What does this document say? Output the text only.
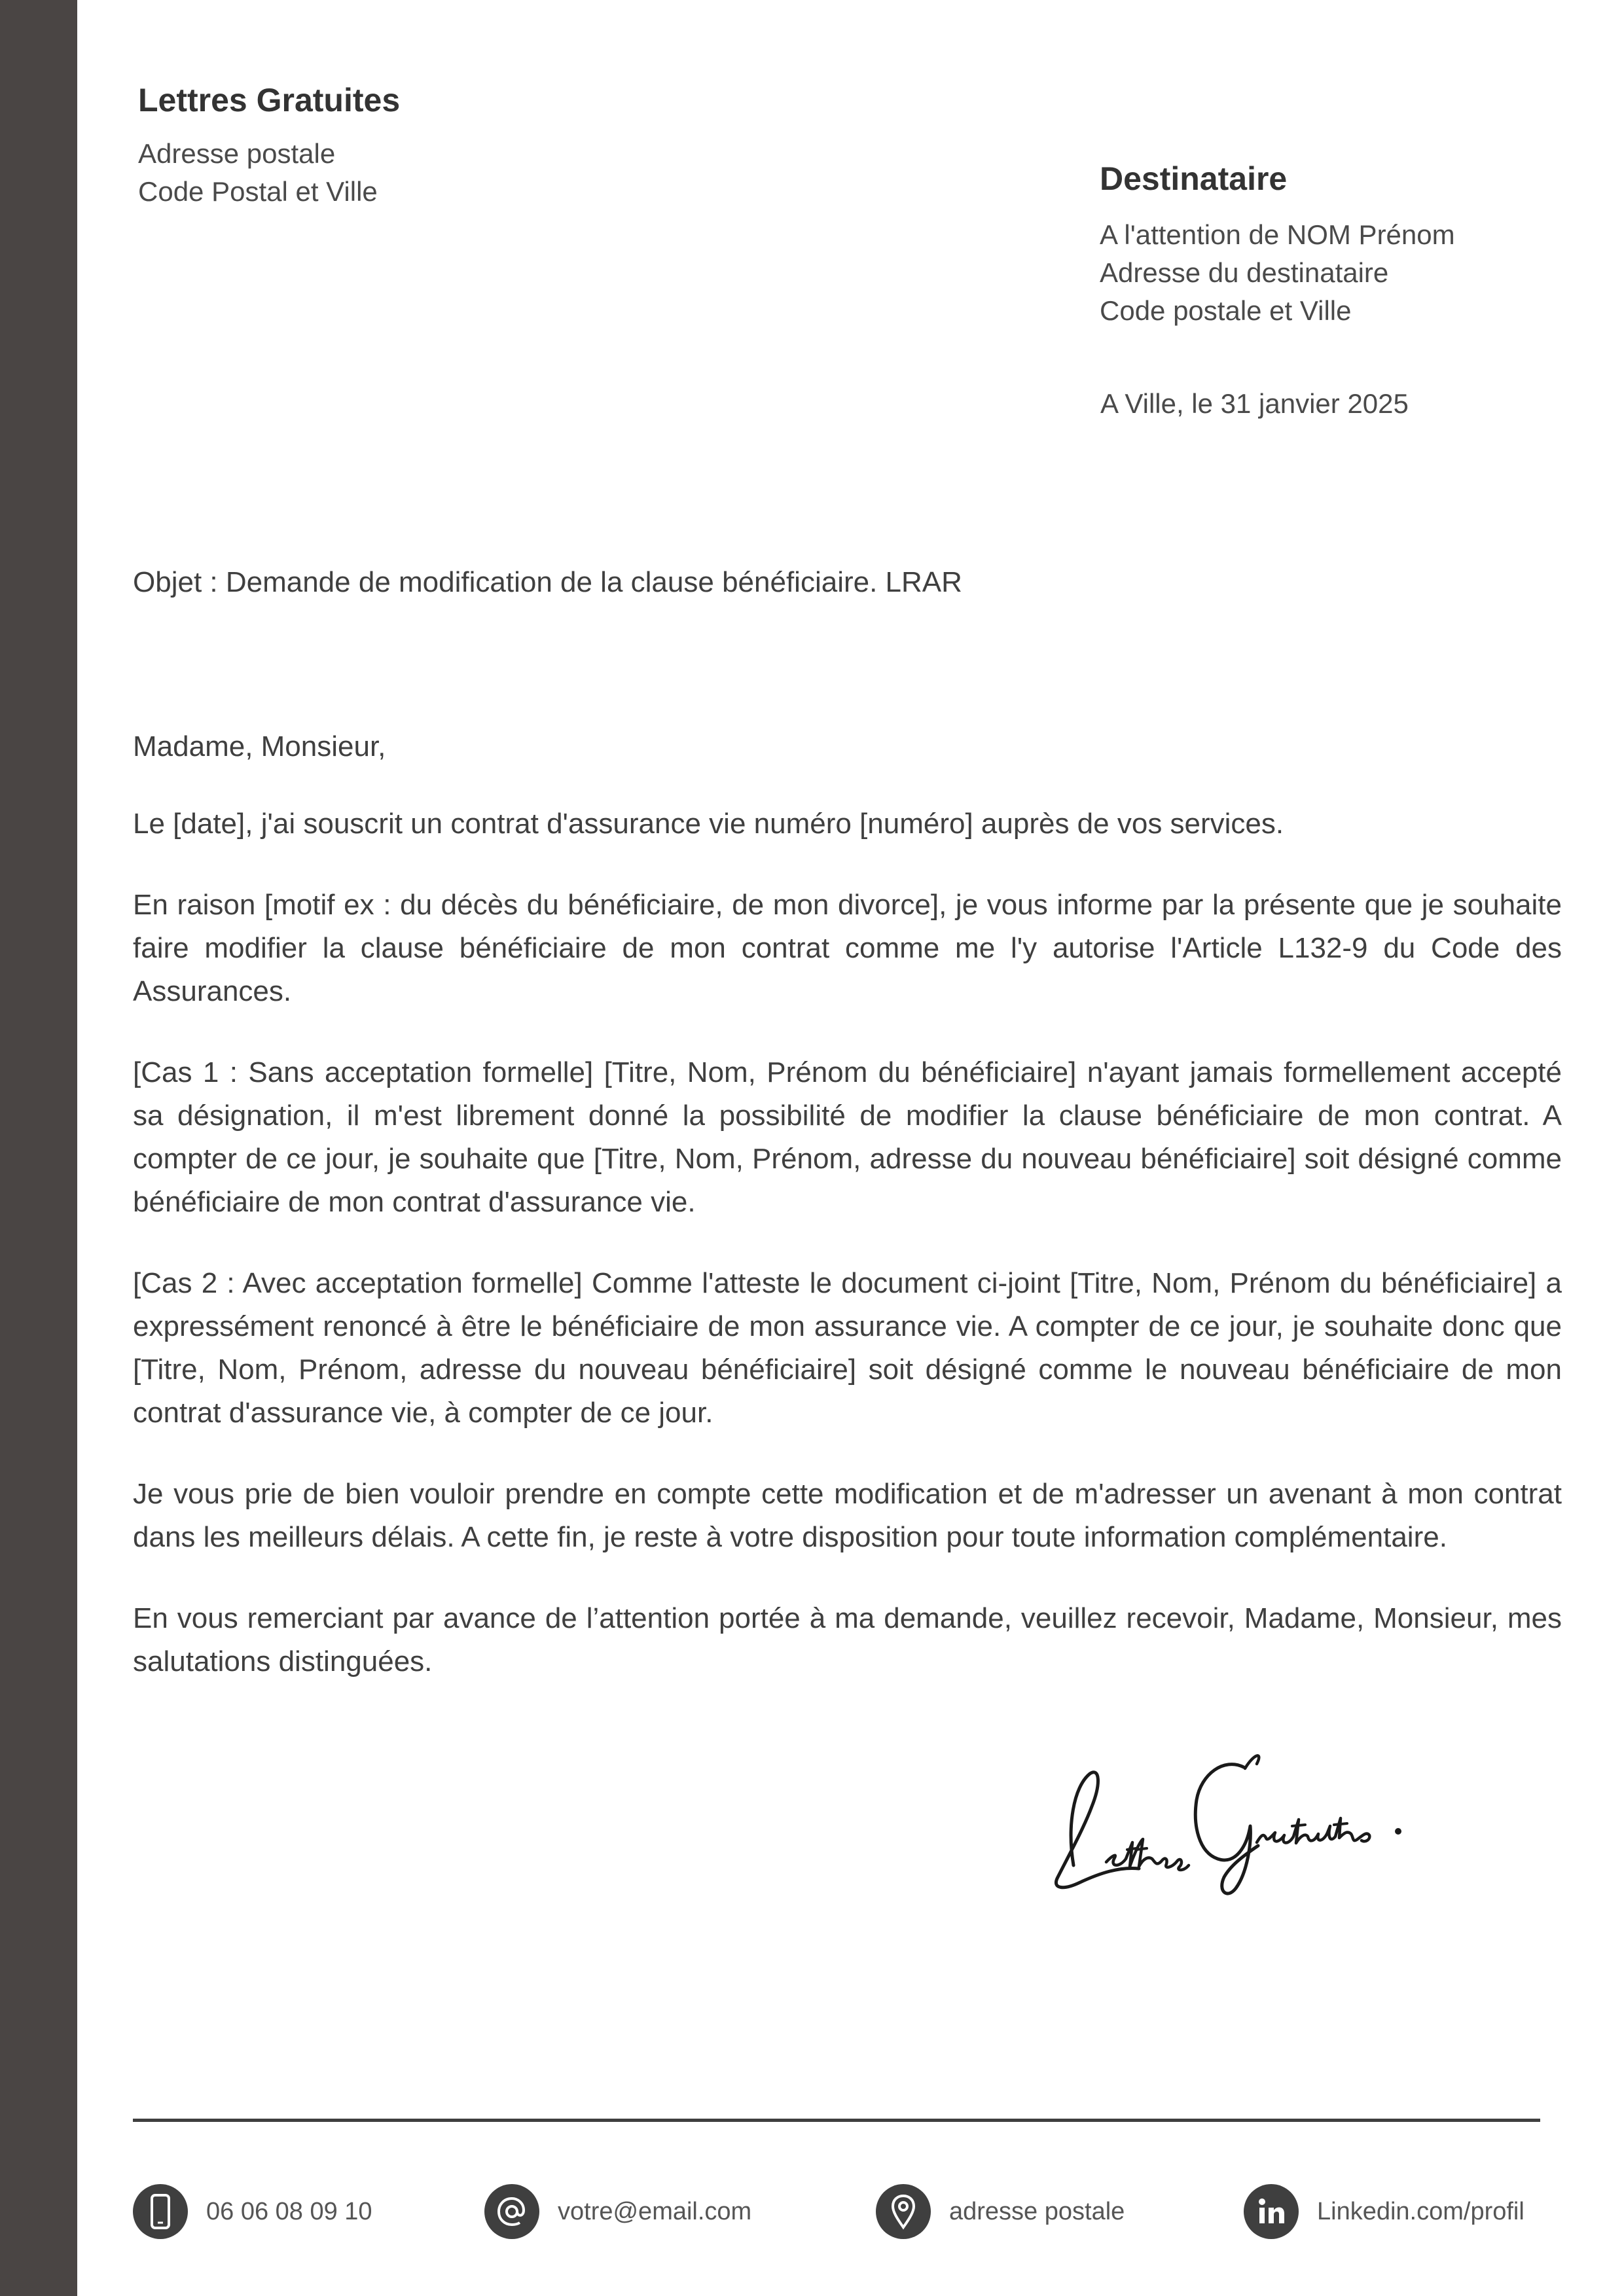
Lettres Gratuites
Adresse postale
Code Postal et Ville	Destinataire
A l'attention de NOM Prénom
Adresse du destinataire
Code postale et Ville
A Ville, le 31 janvier 2025
Objet : Demande de modification de la clause bénéficiaire. LRAR

Madame, Monsieur,

Le [date], j'ai souscrit un contrat d'assurance vie numéro [numéro] auprès de vos services.

En raison [motif ex : du décès du bénéficiaire, de mon divorce], je vous informe par la présente que je souhaite faire modifier la clause bénéficiaire de mon contrat comme me l'y autorise l'Article L132-9 du Code des Assurances.

[Cas 1 : Sans acceptation formelle] [Titre, Nom, Prénom du bénéficiaire] n'ayant jamais formellement accepté sa désignation, il m'est librement donné la possibilité de modifier la clause bénéficiaire de mon contrat. A compter de ce jour, je souhaite que [Titre, Nom, Prénom, adresse du nouveau bénéficiaire] soit désigné comme bénéficiaire de mon contrat d'assurance vie.

[Cas 2 : Avec acceptation formelle] Comme l'atteste le document ci-joint [Titre, Nom, Prénom du bénéficiaire] a expressément renoncé à être le bénéficiaire de mon assurance vie. A compter de ce jour, je souhaite donc que [Titre, Nom, Prénom, adresse du nouveau bénéficiaire] soit désigné comme le nouveau bénéficiaire de mon contrat d'assurance vie, à compter de ce jour.

Je vous prie de bien vouloir prendre en compte cette modification et de m'adresser un avenant à mon contrat dans les meilleurs délais. A cette fin, je reste à votre disposition pour toute information complémentaire.

En vous remerciant par avance de l’attention portée à ma demande, veuillez recevoir, Madame, Monsieur, mes salutations distinguées.

06 06 08 09 10	votre@email.com	adresse postale	Linkedin.com/profil
